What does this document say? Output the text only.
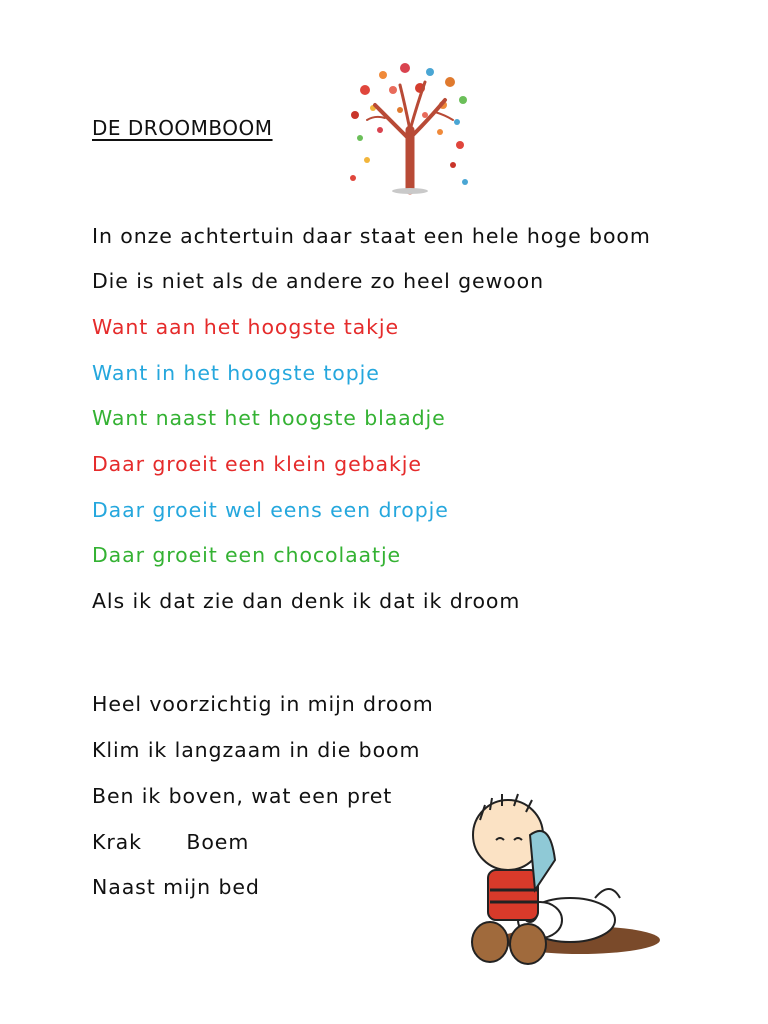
DE DROOMBOOM

In onze achtertuin daar staat een hele hoge boom

Die is niet als de andere zo heel gewoon

Want aan het hoogste takje

Want in het hoogste topje

Want naast het hoogste blaadje

Daar groeit een klein gebakje

Daar groeit wel eens een dropje

Daar groeit een chocolaatje

Als ik dat zie dan denk ik dat ik droom

Heel voorzichtig in mijn droom

Klim ik langzaam in die boom

Ben ik boven, wat een pret

Krak      Boem

Naast mijn bed
